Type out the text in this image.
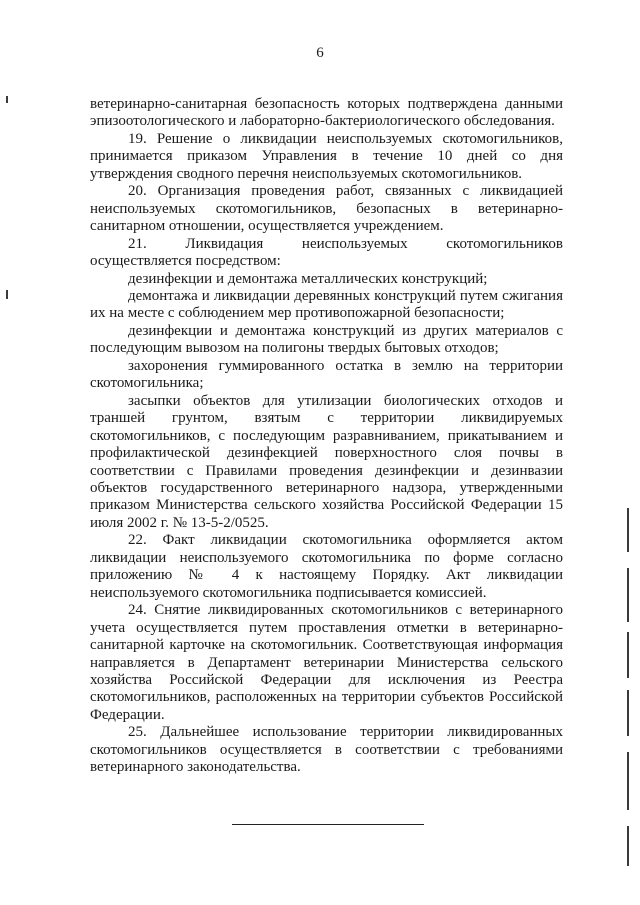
6

ветеринарно-санитарная безопасность которых подтверждена данными эпизоотологического и лабораторно-бактериологического обследования.

19. Решение о ликвидации неиспользуемых скотомогильников, принимается приказом Управления в течение 10 дней со дня утверждения сводного перечня неиспользуемых скотомогильников.

20. Организация проведения работ, связанных с ликвидацией неиспользуемых скотомогильников, безопасных в ветеринарно-санитарном отношении, осуществляется учреждением.

21. Ликвидация неиспользуемых скотомогильников осуществляется посредством:

дезинфекции и демонтажа металлических конструкций;

демонтажа и ликвидации деревянных конструкций путем сжигания их на месте с соблюдением мер противопожарной безопасности;

дезинфекции и демонтажа конструкций из других материалов с последующим вывозом на полигоны твердых бытовых отходов;

захоронения гуммированного остатка в землю на территории скотомогильника;

засыпки объектов для утилизации биологических отходов и траншей грунтом, взятым с территории ликвидируемых скотомогильников, с последующим разравниванием, прикатыванием и профилактической дезинфекцией поверхностного слоя почвы в соответствии с Правилами проведения дезинфекции и дезинвазии объектов государственного ветеринарного надзора, утвержденными приказом Министерства сельского хозяйства Российской Федерации 15 июля 2002 г. № 13-5-2/0525.

22. Факт ликвидации скотомогильника оформляется актом ликвидации неиспользуемого скотомогильника по форме согласно приложению № 4 к настоящему Порядку. Акт ликвидации неиспользуемого скотомогильника подписывается комиссией.

24. Снятие ликвидированных скотомогильников с ветеринарного учета осуществляется путем проставления отметки в ветеринарно-санитарной карточке на скотомогильник. Соответствующая информация направляется в Департамент ветеринарии Министерства сельского хозяйства Российской Федерации для исключения из Реестра скотомогильников, расположенных на территории субъектов Российской Федерации.

25. Дальнейшее использование территории ликвидированных скотомогильников осуществляется в соответствии с требованиями ветеринарного законодательства.
